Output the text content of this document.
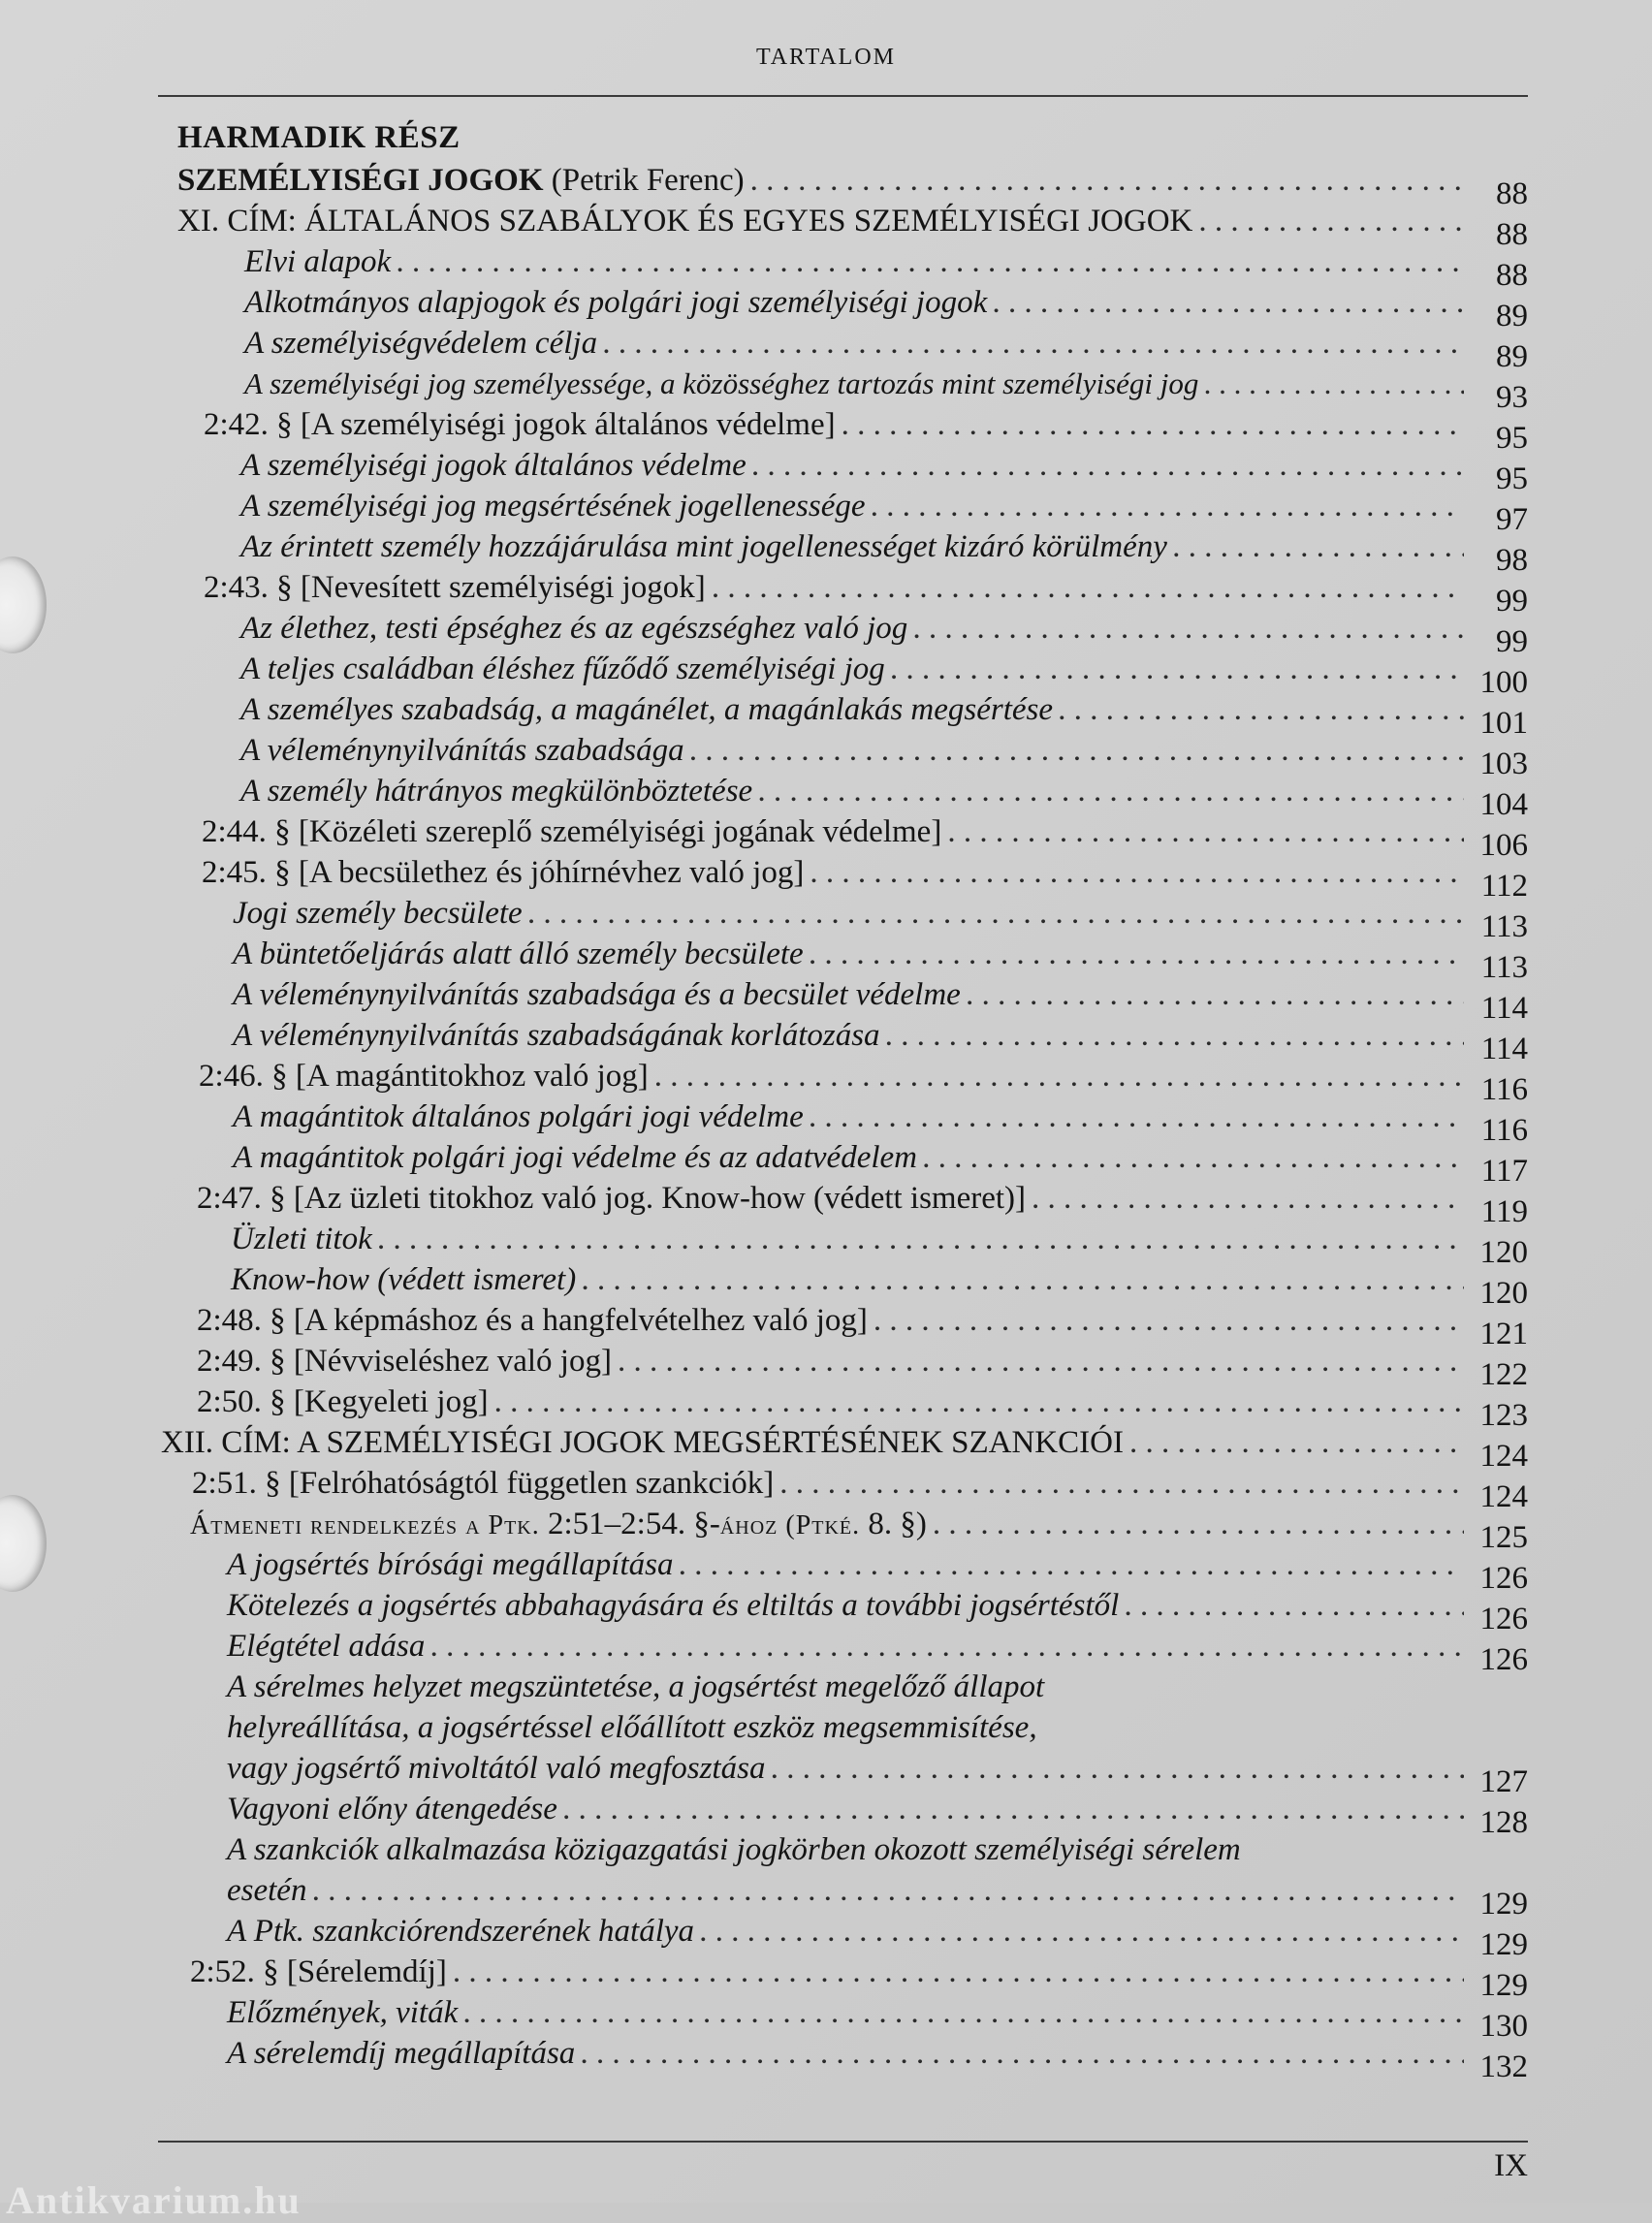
TARTALOM
HARMADIK RÉSZ
SZEMÉLYISÉGI JOGOK (Petrik Ferenc) . . .	88
XI. CÍM: ÁLTALÁNOS SZABÁLYOK ÉS EGYES SZEMÉLYISÉGI JOGOK . . .	88
Elvi alapok . . .	88
Alkotmányos alapjogok és polgári jogi személyiségi jogok . . .	89
A személyiségvédelem célja . . .	89
A személyiségi jog személyessége, a közösséghez tartozás mint személyiségi jog . . .	93
2:42. § [A személyiségi jogok általános védelme] . . .	95
A személyiségi jogok általános védelme . . .	95
A személyiségi jog megsértésének jogellenessége . . .	97
Az érintett személy hozzájárulása mint jogellenességet kizáró körülmény . . .	98
2:43. § [Nevesített személyiségi jogok] . . .	99
Az élethez, testi épséghez és az egészséghez való jog . . .	99
A teljes családban éléshez fűződő személyiségi jog . . .	100
A személyes szabadság, a magánélet, a magánlakás megsértése . . .	101
A véleménynyilvánítás szabadsága . . .	103
A személy hátrányos megkülönböztetése . . .	104
2:44. § [Közéleti szereplő személyiségi jogának védelme] . . .	106
2:45. § [A becsülethez és jóhírnévhez való jog] . . .	112
Jogi személy becsülete . . .	113
A büntetőeljárás alatt álló személy becsülete . . .	113
A véleménynyilvánítás szabadsága és a becsület védelme . . .	114
A véleménynyilvánítás szabadságának korlátozása . . .	114
2:46. § [A magántitokhoz való jog] . . .	116
A magántitok általános polgári jogi védelme . . .	116
A magántitok polgári jogi védelme és az adatvédelem . . .	117
2:47. § [Az üzleti titokhoz való jog. Know-how (védett ismeret)] . . .	119
Üzleti titok . . .	120
Know-how (védett ismeret) . . .	120
2:48. § [A képmáshoz és a hangfelvételhez való jog] . . .	121
2:49. § [Névviseléshez való jog] . . .	122
2:50. § [Kegyeleti jog] . . .	123
XII. CÍM: A SZEMÉLYISÉGI JOGOK MEGSÉRTÉSÉNEK SZANKCIÓI . . .	124
2:51. § [Felróhatóságtól független szankciók] . . .	124
Átmeneti rendelkezés a Ptk. 2:51–2:54. §-ához (Ptké. 8. §) . . .	125
A jogsértés bírósági megállapítása . . .	126
Kötelezés a jogsértés abbahagyására és eltiltás a további jogsértéstől . . .	126
Elégtétel adása . . .	126
A sérelmes helyzet megszüntetése, a jogsértést megelőző állapot
helyreállítása, a jogsértéssel előállított eszköz megsemmisítése,
vagy jogsértő mivoltától való megfosztása . . .	127
Vagyoni előny átengedése . . .	128
A szankciók alkalmazása közigazgatási jogkörben okozott személyiségi sérelem
esetén . . .	129
A Ptk. szankciórendszerének hatálya . . .	129
2:52. § [Sérelemdíj] . . .	129
Előzmények, viták . . .	130
A sérelemdíj megállapítása . . .	132
IX
Antikvarium.hu
